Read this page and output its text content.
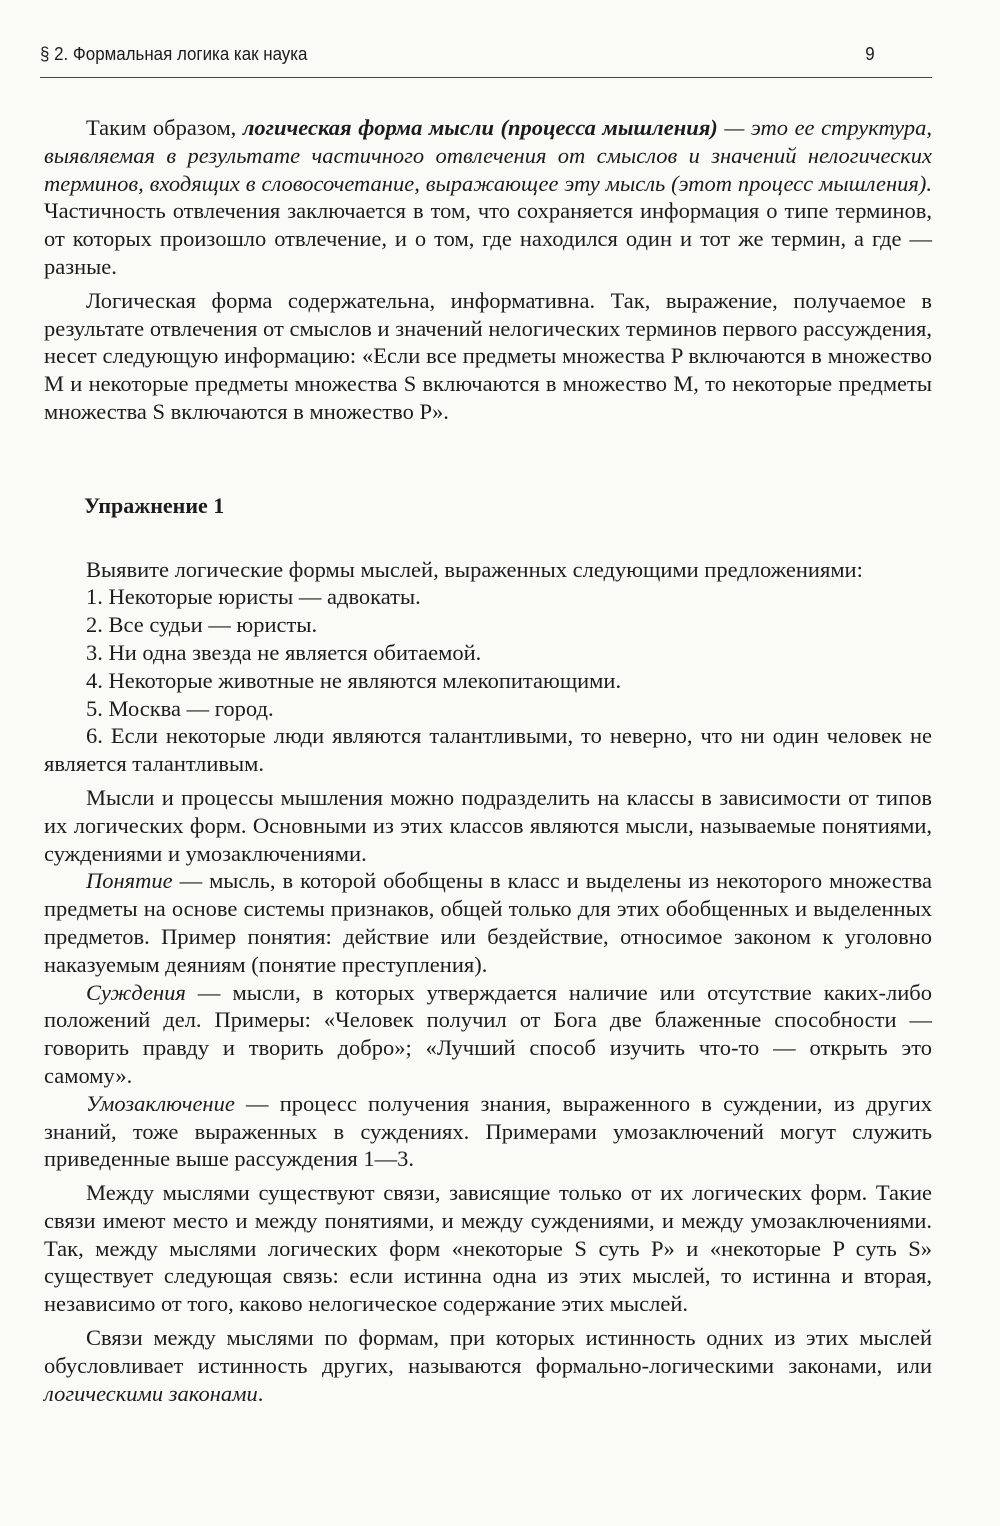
§ 2. Формальная логика как наука	9

Таким образом, логическая форма мысли (процесса мышления) — это ее структура, выявляемая в результате частичного отвлечения от смыслов и значений нелогических терминов, входящих в словосочетание, выражающее эту мысль (этот процесс мышления). Частичность отвлечения заключается в том, что сохраняется информация о типе терминов, от которых произошло отвлечение, и о том, где находился один и тот же термин, а где — разные.

Логическая форма содержательна, информативна. Так, выражение, получаемое в результате отвлечения от смыслов и значений нелогических терминов первого рассуждения, несет следующую информацию: «Если все предметы множества P включаются в множество M и некоторые предметы множества S включаются в множество M, то некоторые предметы множества S включаются в множество P».

Упражнение 1

Выявите логические формы мыслей, выраженных следующими предложениями:

1. Некоторые юристы — адвокаты.

2. Все судьи — юристы.

3. Ни одна звезда не является обитаемой.

4. Некоторые животные не являются млекопитающими.

5. Москва — город.

6. Если некоторые люди являются талантливыми, то неверно, что ни один человек не является талантливым.

Мысли и процессы мышления можно подразделить на классы в зависимости от типов их логических форм. Основными из этих классов являются мысли, называемые понятиями, суждениями и умозаключениями.

Понятие — мысль, в которой обобщены в класс и выделены из некоторого множества предметы на основе системы признаков, общей только для этих обобщенных и выделенных предметов. Пример понятия: действие или бездействие, относимое законом к уголовно наказуемым деяниям (понятие преступления).

Суждения — мысли, в которых утверждается наличие или отсутствие каких-либо положений дел. Примеры: «Человек получил от Бога две блаженные способности — говорить правду и творить добро»; «Лучший способ изучить что-то — открыть это самому».

Умозаключение — процесс получения знания, выраженного в суждении, из других знаний, тоже выраженных в суждениях. Примерами умозаключений могут служить приведенные выше рассуждения 1—3.

Между мыслями существуют связи, зависящие только от их логических форм. Такие связи имеют место и между понятиями, и между суждениями, и между умозаключениями. Так, между мыслями логических форм «некоторые S суть P» и «некоторые P суть S» существует следующая связь: если истинна одна из этих мыслей, то истинна и вторая, независимо от того, каково нелогическое содержание этих мыслей.

Связи между мыслями по формам, при которых истинность одних из этих мыслей обусловливает истинность других, называются формально-логическими законами, или логическими законами.
